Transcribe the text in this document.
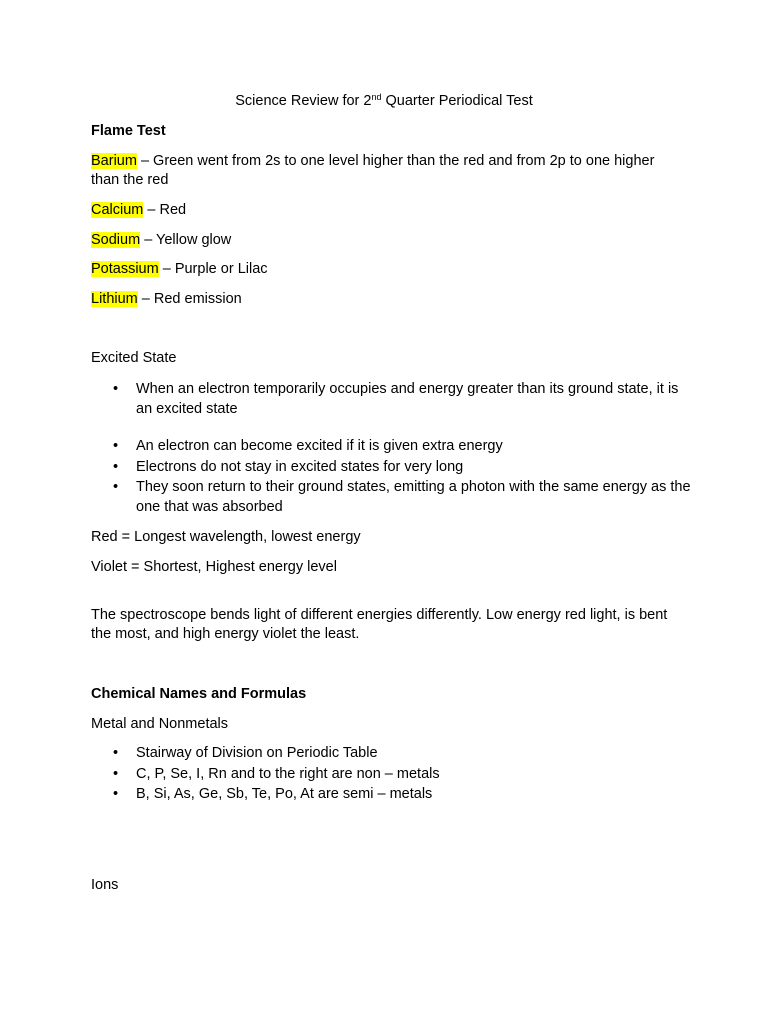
Science Review for 2nd Quarter Periodical Test
Flame Test
Barium – Green went from 2s to one level higher than the red and from 2p to one higher than the red
Calcium – Red
Sodium – Yellow glow
Potassium – Purple or Lilac
Lithium – Red emission
Excited State
• When an electron temporarily occupies and energy greater than its ground state, it is an excited state
• An electron can become excited if it is given extra energy
• Electrons do not stay in excited states for very long
• They soon return to their ground states, emitting a photon with the same energy as the one that was absorbed
Red = Longest wavelength, lowest energy
Violet = Shortest, Highest energy level
The spectroscope bends light of different energies differently. Low energy red light, is bent the most, and high energy violet the least.
Chemical Names and Formulas
Metal and Nonmetals
• Stairway of Division on Periodic Table
• C, P, Se, I, Rn and to the right are non – metals
• B, Si, As, Ge, Sb, Te, Po, At are semi – metals
Ions
